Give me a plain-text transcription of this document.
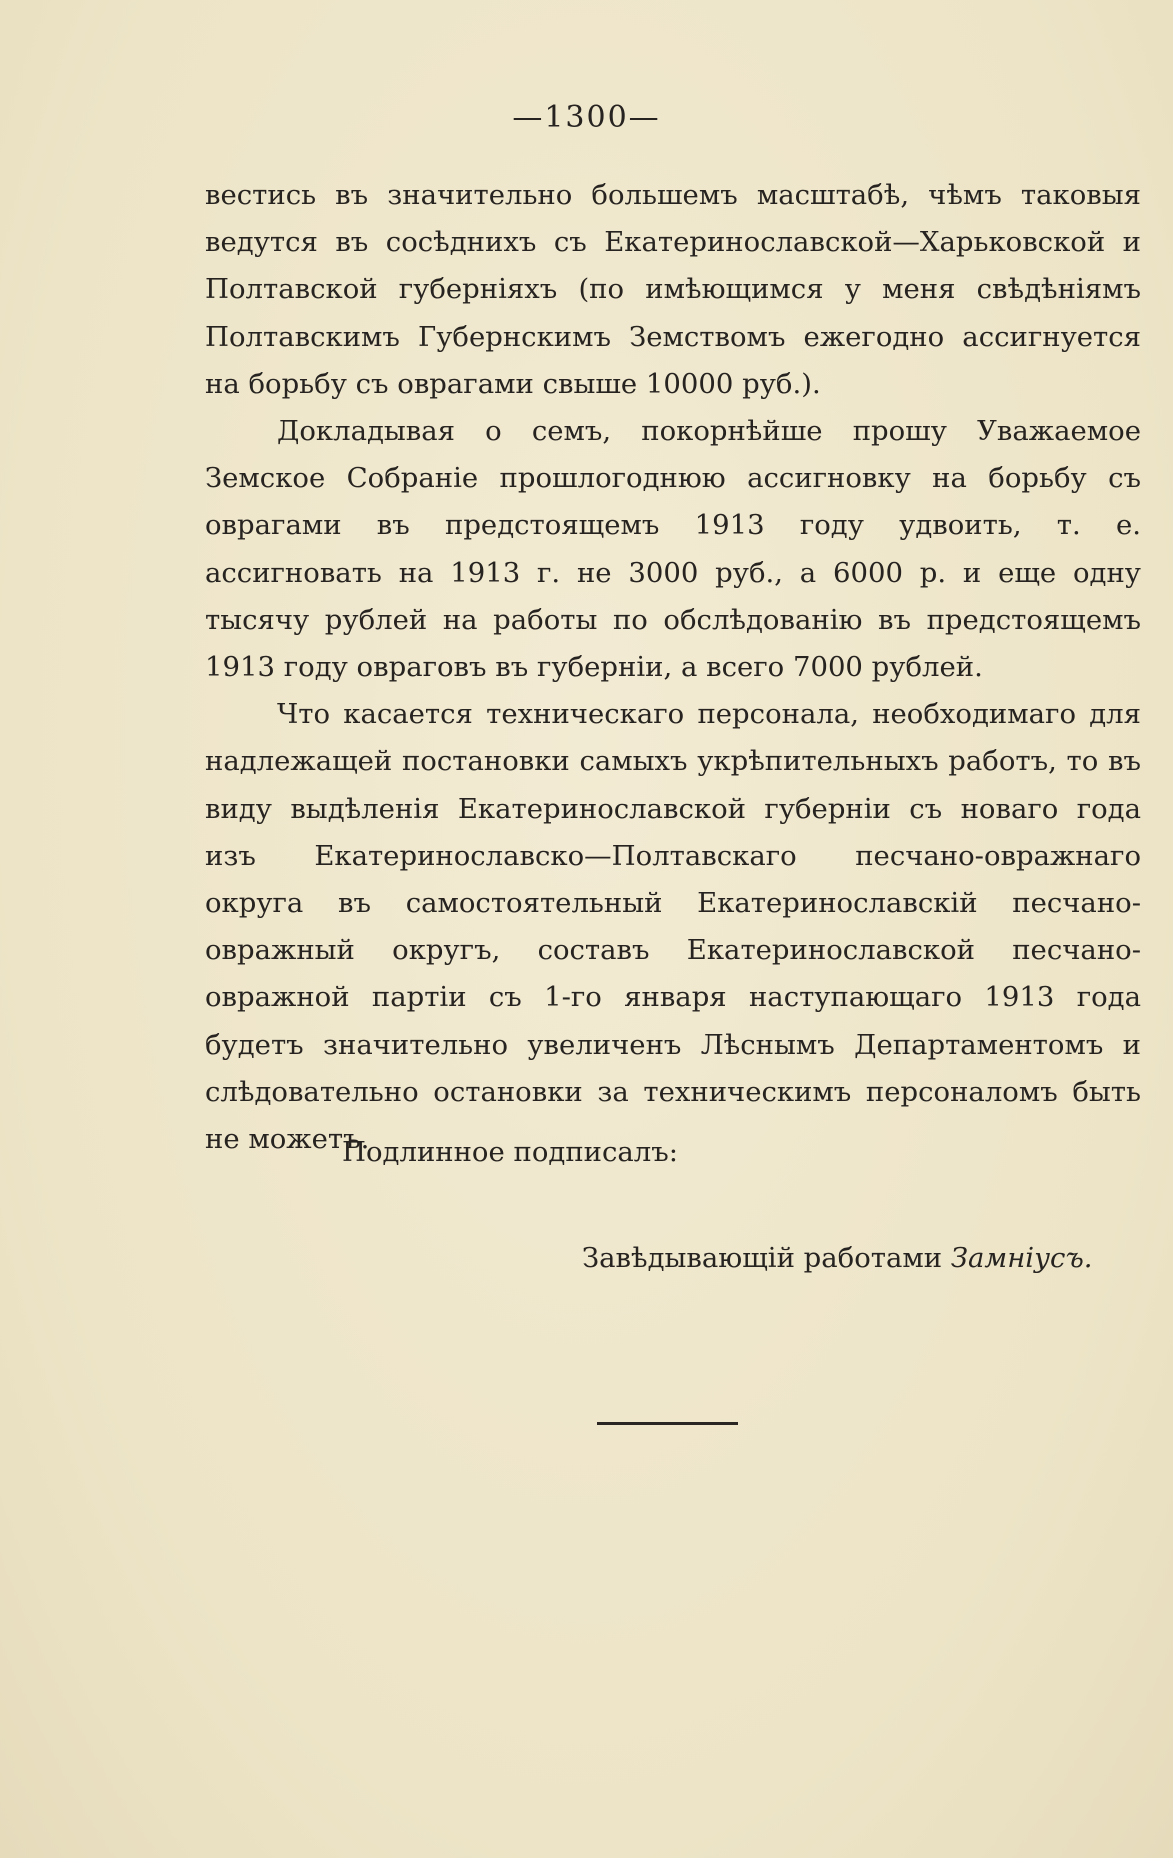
—1300—

вестись въ значительно большемъ масштабѣ, чѣмъ таковыя ведутся въ сосѣднихъ съ Екатеринославской—Харьковской и Полтавской губерніяхъ (по имѣющимся у меня свѣдѣніямъ Полтавскимъ Губернскимъ Земствомъ ежегодно ассигнуется на борьбу съ оврагами свыше 10000 руб.).

Докладывая о семъ, покорнѣйше прошу Уважаемое Земское Собраніе прошлогоднюю ассигновку на борьбу съ оврагами въ предстоящемъ 1913 году удвоить, т. е. ассигновать на 1913 г. не 3000 руб., а 6000 р. и еще одну тысячу рублей на работы по обслѣдованію въ предстоящемъ 1913 году овраговъ въ губерніи, а всего 7000 рублей.

Что касается техническаго персонала, необходимаго для надлежащей постановки самыхъ укрѣпительныхъ работъ, то въ виду выдѣленія Екатеринославской губерніи съ новаго года изъ Екатеринославско—Полтавскаго песчано-овражнаго округа въ самостоятельный Екатеринославскій песчано-овражный округъ, составъ Екатеринославской песчано-овражной партіи съ 1-го января наступающаго 1913 года будетъ значительно увеличенъ Лѣснымъ Департаментомъ и слѣдовательно остановки за техническимъ персоналомъ быть не можетъ.

Подлинное подписалъ:
Завѣдывающій работами Замніусъ.
